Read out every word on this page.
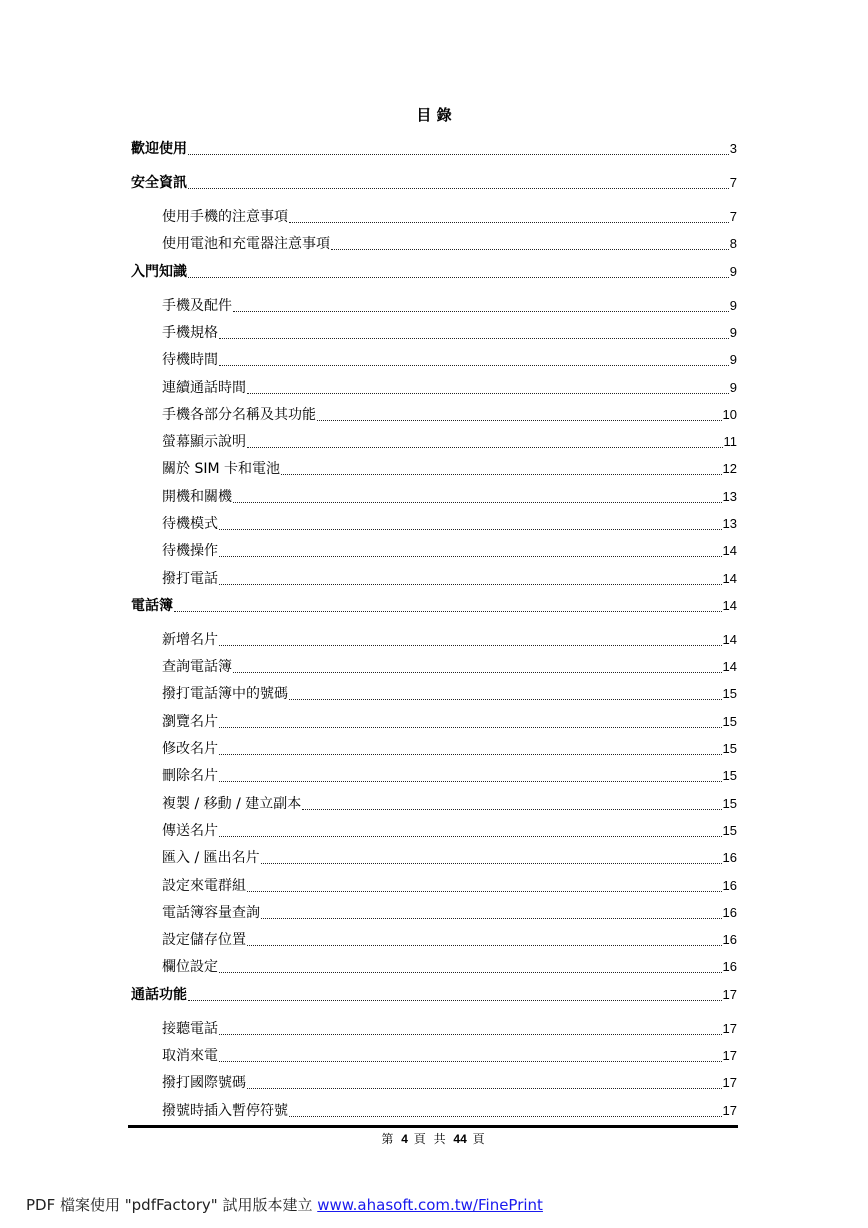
目 錄
歡迎使用	3
安全資訊	7
使用手機的注意事項	7
使用電池和充電器注意事項	8
入門知識	9
手機及配件	9
手機規格	9
待機時間	9
連續通話時間	9
手機各部分名稱及其功能	10
螢幕顯示說明	11
關於 SIM 卡和電池	12
開機和關機	13
待機模式	13
待機操作	14
撥打電話	14
電話簿	14
新增名片	14
查詢電話簿	14
撥打電話簿中的號碼	15
瀏覽名片	15
修改名片	15
刪除名片	15
複製 / 移動 / 建立副本	15
傳送名片	15
匯入 / 匯出名片	16
設定來電群組	16
電話簿容量查詢	16
設定儲存位置	16
欄位設定	16
通話功能	17
接聽電話	17
取消來電	17
撥打國際號碼	17
撥號時插入暫停符號	17
第 4 頁 共 44 頁
PDF 檔案使用 "pdfFactory" 試用版本建立 www.ahasoft.com.tw/FinePrint
